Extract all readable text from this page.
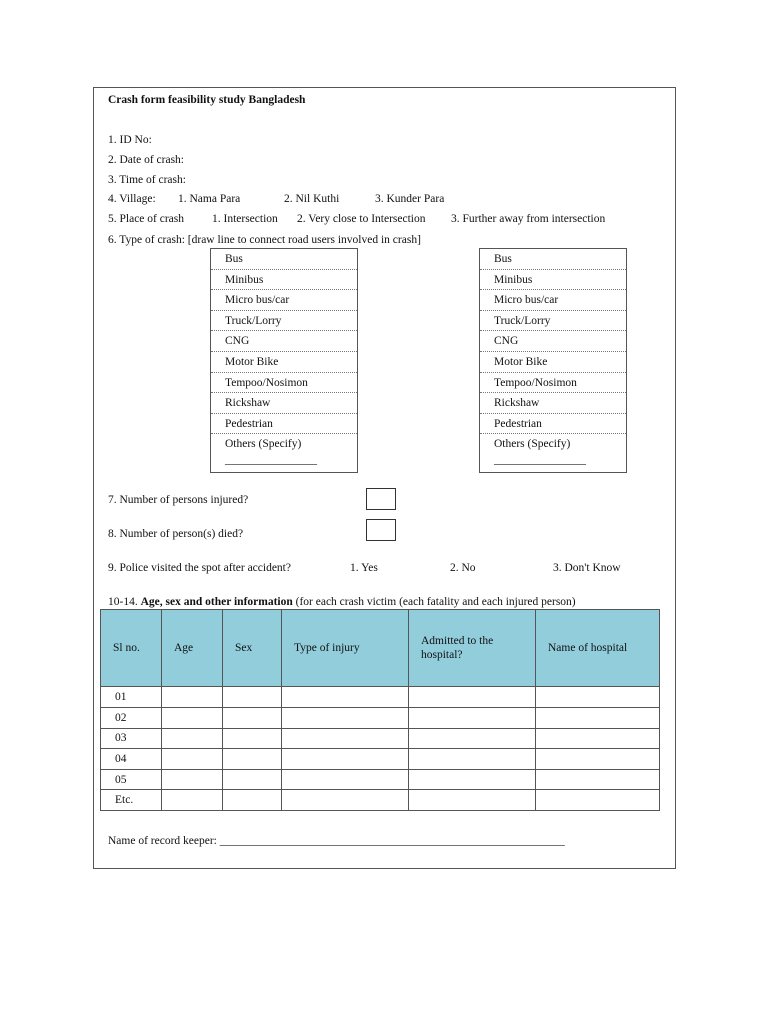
Crash form feasibility study Bangladesh
1. ID No:
2. Date of crash:
3. Time of crash:
4. Village: 1. Nama Para	2. Nil Kuthi	3. Kunder Para
5. Place of crash 1. Intersection 2. Very close to Intersection 3. Further away from intersection
6. Type of crash: [draw line to connect road users involved in crash]
Bus
Minibus
Micro bus/car
Truck/Lorry
CNG
Motor Bike
Tempoo/Nosimon
Rickshaw
Pedestrian
Others (Specify)
________________
Bus
Minibus
Micro bus/car
Truck/Lorry
CNG
Motor Bike
Tempoo/Nosimon
Rickshaw
Pedestrian
Others (Specify)
________________
7. Number of persons injured?
8. Number of person(s) died?
9. Police visited the spot after accident?	1. Yes	2. No	3. Don't Know
10-14. Age, sex and other information (for each crash victim (each fatality and each injured person)
Sl no.	Age	Sex	Type of injury	Admitted to the hospital?	Name of hospital
01					
02					
03					
04					
05					
Etc.					
Name of record keeper: ____________________________________________________________
